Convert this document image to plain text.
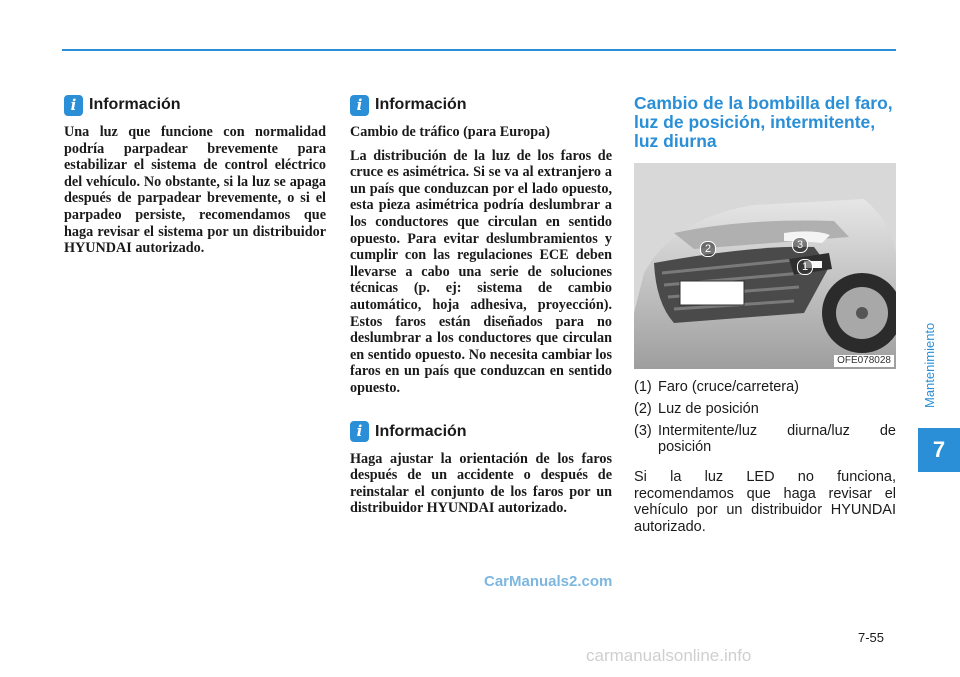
i Información

Una luz que funcione con normalidad podría parpadear brevemente para estabilizar el sistema de control eléctrico del vehículo. No obstante, si la luz se apaga después de parpadear brevemente, o si el parpadeo persiste, recomendamos que haga revisar el sistema por un distribuidor HYUNDAI autorizado.

i Información

Cambio de tráfico (para Europa)

La distribución de la luz de los faros de cruce es asimétrica. Si se va al extranjero a un país que conduzcan por el lado opuesto, esta pieza asimétrica podría deslumbrar a los conductores que circulan en sentido opuesto. Para evitar deslumbramientos y cumplir con las regulaciones ECE deben llevarse a cabo una serie de soluciones técnicas (p. ej: sistema de cambio automático, hoja adhesiva, proyección). Estos faros están diseñados para no deslumbrar a los conductores que circulan en sentido opuesto. No necesita cambiar los faros en un país que conduzcan en sentido opuesto.

i Información

Haga ajustar la orientación de los faros después de un accidente o después de reinstalar el conjunto de los faros por un distribuidor HYUNDAI autorizado.

Cambio de la bombilla del faro, luz de posición, intermitente, luz diurna
1
2	3
OFE078028
(1) Faro (cruce/carretera)
(2) Luz de posición
(3) Intermitente/luz diurna/luz de posición

Si la luz LED no funciona, recomendamos que haga revisar el vehículo por un distribuidor HYUNDAI autorizado.

Mantenimiento
7
7-55
CarManuals2.com
carmanualsonline.info
